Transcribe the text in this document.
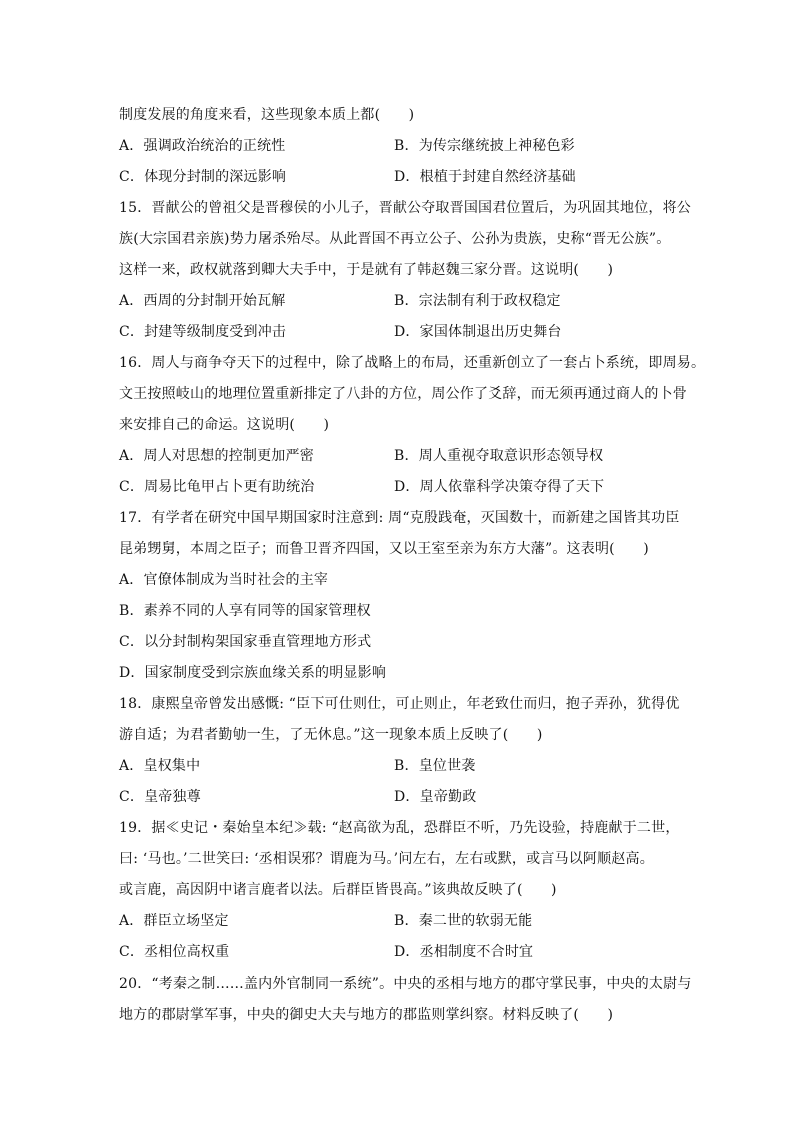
制度发展的角度来看，这些现象本质上都(　　)
A．强调政治统治的正统性	B．为传宗继统披上神秘色彩
C．体现分封制的深远影响	D．根植于封建自然经济基础
15．晋献公的曾祖父是晋穆侯的小儿子，晋献公夺取晋国国君位置后，为巩固其地位，将公
族(大宗国君亲族)势力屠杀殆尽。从此晋国不再立公子、公孙为贵族，史称“晋无公族”。
这样一来，政权就落到卿大夫手中，于是就有了韩赵魏三家分晋。这说明(　　)
A．西周的分封制开始瓦解	B．宗法制有利于政权稳定
C．封建等级制度受到冲击	D．家国体制退出历史舞台
16．周人与商争夺天下的过程中，除了战略上的布局，还重新创立了一套占卜系统，即周易。
文王按照岐山的地理位置重新排定了八卦的方位，周公作了爻辞，而无须再通过商人的卜骨
来安排自己的命运。这说明(　　)
A．周人对思想的控制更加严密	B．周人重视夺取意识形态领导权
C．周易比龟甲占卜更有助统治	D．周人依靠科学决策夺得了天下
17．有学者在研究中国早期国家时注意到: 周“克殷践奄，灭国数十，而新建之国皆其功臣
昆弟甥舅，本周之臣子；而鲁卫晋齐四国，又以王室至亲为东方大藩”。这表明(　　)
A．官僚体制成为当时社会的主宰
B．素养不同的人享有同等的国家管理权
C．以分封制构架国家垂直管理地方形式
D．国家制度受到宗族血缘关系的明显影响
18．康熙皇帝曾发出感慨: “臣下可仕则仕，可止则止，年老致仕而归，抱子弄孙，犹得优
游自适；为君者勤劬一生，了无休息。”这一现象本质上反映了(　　)
A．皇权集中	B．皇位世袭
C．皇帝独尊	D．皇帝勤政
19．据≪史记・秦始皇本纪≫载: “赵高欲为乱，恐群臣不听，乃先设验，持鹿献于二世，
曰: ‘马也。’二世笑曰: ‘丞相误邪？谓鹿为马。’问左右，左右或默，或言马以阿顺赵高。
或言鹿，高因阴中诸言鹿者以法。后群臣皆畏高。”该典故反映了(　　)
A．群臣立场坚定	B．秦二世的软弱无能
C．丞相位高权重	D．丞相制度不合时宜
20．“考秦之制……盖内外官制同一系统”。中央的丞相与地方的郡守掌民事，中央的太尉与
地方的郡尉掌军事，中央的御史大夫与地方的郡监则掌纠察。材料反映了(　　)
